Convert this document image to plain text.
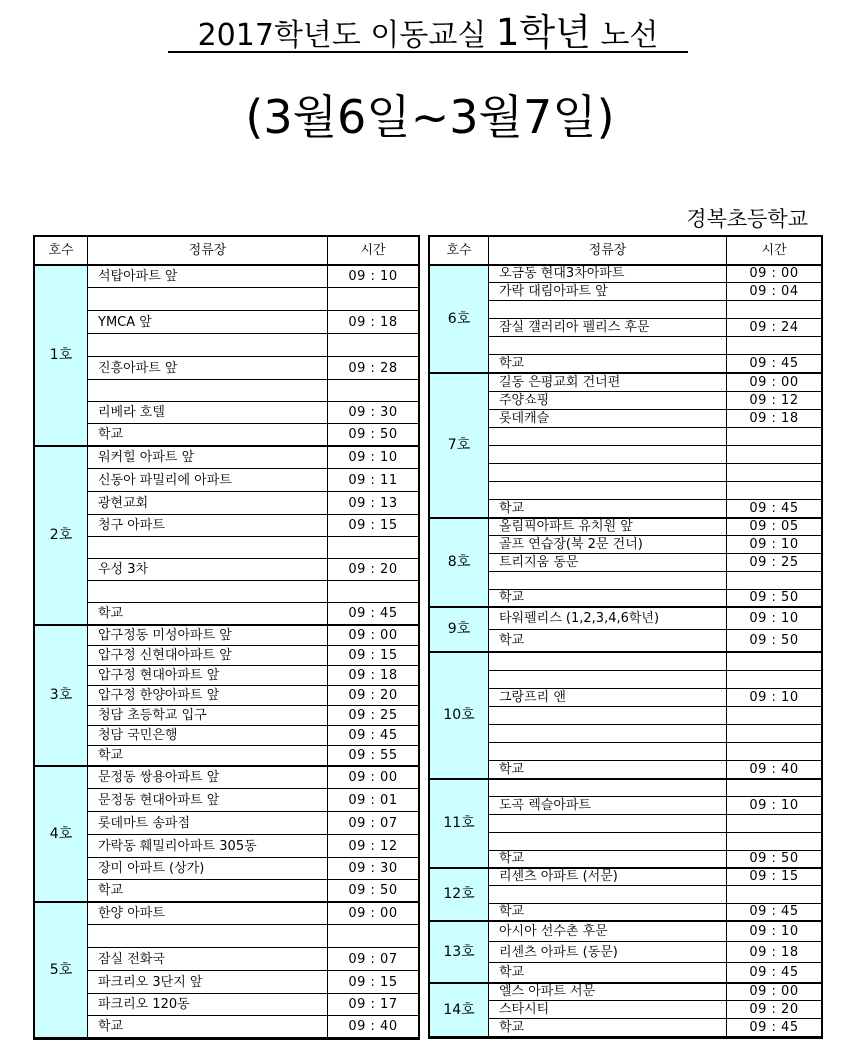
2017학년도 이동교실 1학년 노선
(3월6일~3월7일)
경복초등학교
호수	정류장	시간
1호	석탑아파트 앞	09 : 10

	YMCA 앞	09 : 18

	진흥아파트 앞	09 : 28

	리베라 호텔	09 : 30
	학교	09 : 50
2호	워커힐 아파트 앞	09 : 10
	신동아 파밀리에 아파트	09 : 11
	광현교회	09 : 13
	청구 아파트	09 : 15

	우성 3차	09 : 20

	학교	09 : 45
3호	압구정동 미성아파트 앞	09 : 00
	압구정 신현대아파트 앞	09 : 15
	압구정 현대아파트 앞	09 : 18
	압구정 한양아파트 앞	09 : 20
	청담 초등학교 입구	09 : 25
	청담 국민은행	09 : 45
	학교	09 : 55
4호	문정동 쌍용아파트 앞	09 : 00
	문정동 현대아파트 앞	09 : 01
	롯데마트 송파점	09 : 07
	가락동 훼밀리아파트 305동	09 : 12
	장미 아파트 (상가)	09 : 30
	학교	09 : 50
5호	한양 아파트	09 : 00

	잠실 전화국	09 : 07
	파크리오 3단지 앞	09 : 15
	파크리오 120동	09 : 17
	학교	09 : 40
호수	정류장	시간
6호	오금동 현대3차아파트	09 : 00
	가락 대림아파트 앞	09 : 04

	잠실 갤러리아 펠리스 후문	09 : 24

	학교	09 : 45
7호	길동 은평교회 건너편	09 : 00
	주양쇼핑	09 : 12
	롯데캐슬	09 : 18

	학교	09 : 45
8호	올림픽아파트 유치원 앞	09 : 05
	골프 연습장(북 2문 건너)	09 : 10
	트리지움 동문	09 : 25

	학교	09 : 50
9호	타워펠리스 (1,2,3,4,6학년)	09 : 10
	학교	09 : 50
10호		

	그랑프리 앤	09 : 10

	학교	09 : 40
11호		
	도곡 렉슬아파트	09 : 10

	학교	09 : 50
12호	리센츠 아파트 (서문)	09 : 15

	학교	09 : 45
13호	아시아 선수촌 후문	09 : 10
	리센츠 아파트 (동문)	09 : 18
	학교	09 : 45
14호	엘스 아파트 서문	09 : 00
	스타시티	09 : 20
	학교	09 : 45
